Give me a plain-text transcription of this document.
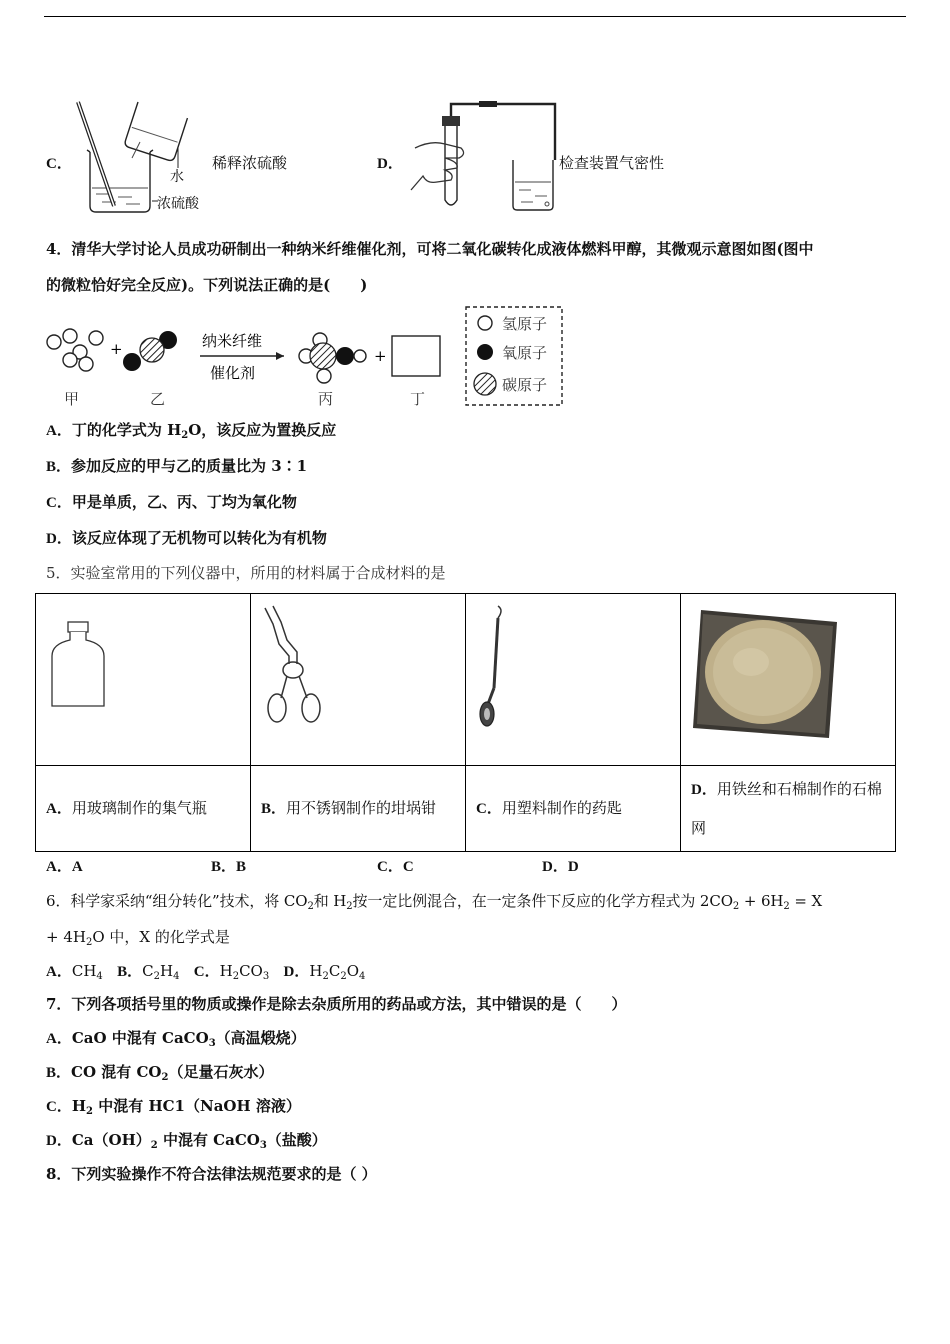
C．
水
浓硫酸
稀释浓硫酸	D．	检查装置气密性
4．清华大学讨论人员成功研制出一种纳米纤维催化剂，可将二氧化碳转化成液体燃料甲醇，其微观示意图如图(图中
的微粒恰好完全反应)。下列说法正确的是(　　)
+	纳米纤维
催化剂
+
甲	乙	丙	丁
氢原子
氧原子
碳原子
A．丁的化学式为 $H_2O$，该反应为置换反应
B．参加反应的甲与乙的质量比为 3∶1
C．甲是单质，乙、丙、丁均为氧化物
D．该反应体现了无机物可以转化为有机物
5．实验室常用的下列仪器中，所用的材料属于合成材料的是

A．用玻璃制作的集气瓶	B．用不锈钢制作的坩埚钳	C．用塑料制作的药匙	D．用铁丝和石棉制作的石棉网
A．A	B．B	C．C	D．D
6．科学家采纳“组分转化”技术，将 $CO_2$和 $H_2$按一定比例混合，在一定条件下反应的化学方程式为 $2CO_2 + 6H_2 = X$
+ $4H_2O$ 中，X 的化学式是
A．$CH_4$ B．$C_2H_4$ C．$H_2CO_3$ D．$H_2C_2O_4$
7．下列各项括号里的物质或操作是除去杂质所用的药品或方法，其中错误的是（　　）
A．CaO 中混有 CaCO$_3$（高温煅烧）
B．CO 混有 $CO_2$（足量石灰水）
C．$H_2$ 中混有 HC1（NaOH 溶液）
D．$Ca(OH)_2$ 中混有 CaCO$_3$（盐酸）
8．下列实验操作不符合法律法规范要求的是（ ）
